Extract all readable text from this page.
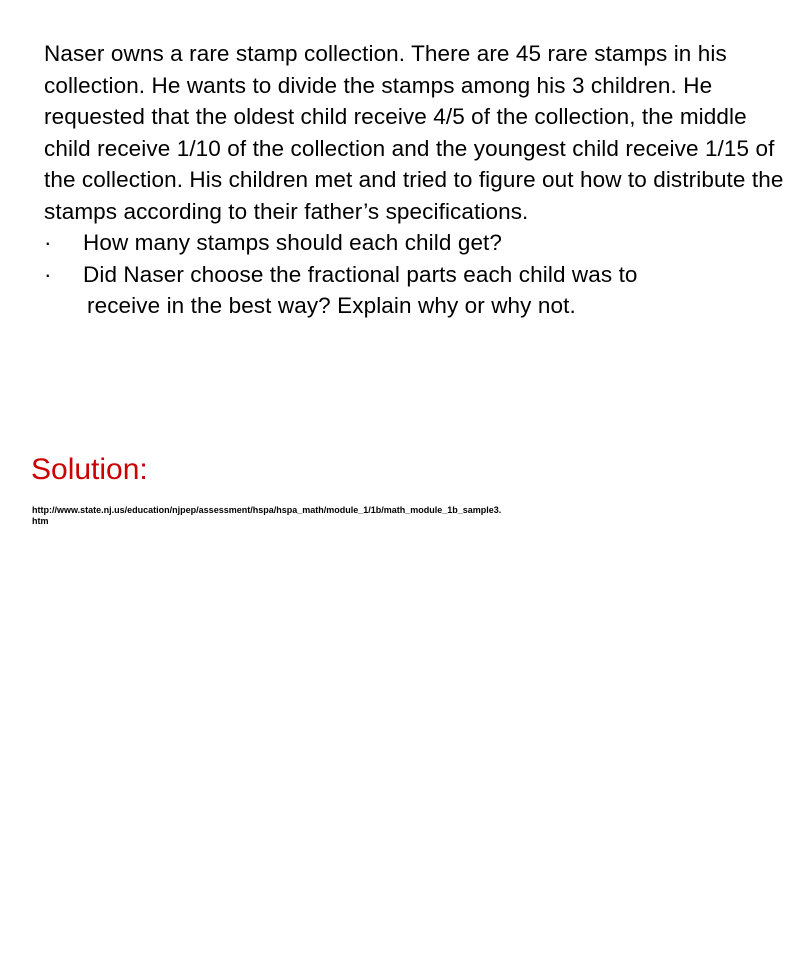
Naser owns a rare stamp collection. There are 45 rare stamps in his collection. He wants to divide the stamps among his 3 children. He requested that the oldest child receive 4/5 of the collection, the middle child receive 1/10 of the collection and the youngest child receive 1/15 of the collection. His children met and tried to figure out how to distribute the stamps according to their father’s specifications.

·	How many stamps should each child get?
·	Did Naser choose the fractional parts each child was to
receive in the best way? Explain why or why not.
Solution:
http://www.state.nj.us/education/njpep/assessment/hspa/hspa_math/module_1/1b/math_module_1b_sample3.
htm
